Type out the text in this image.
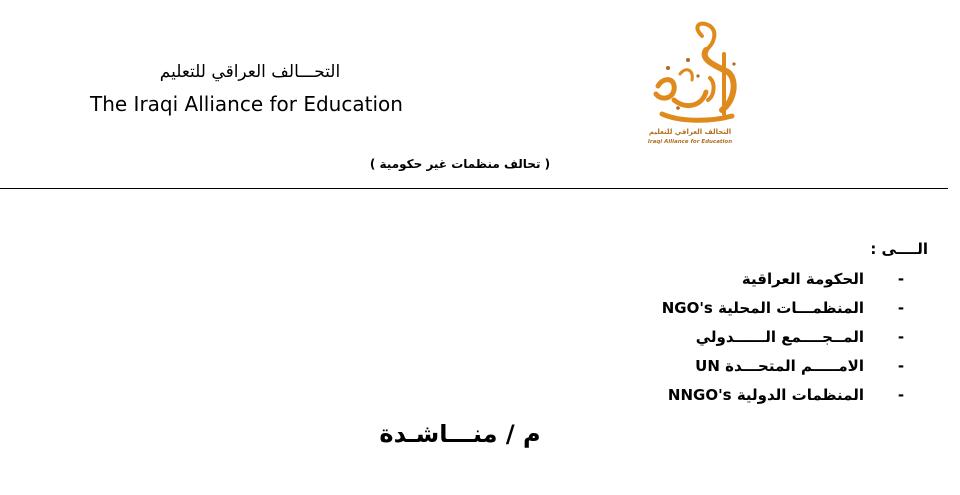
التحـــالف العراقي للتعليم
The Iraqi Alliance for Education
التحالف العراقي للتعليم
Iraqi Alliance for Education
( تحالف منظمات غير حكومية )
الــــى :
-
الحكومة العراقية
-
المنظمـــات المحلية NGO's
-
المــجــــمع الــــــدولي
-
الامـــــم المتحـــدة UN
-
المنظمات الدولية NNGO's
م / منـــاشـدة
